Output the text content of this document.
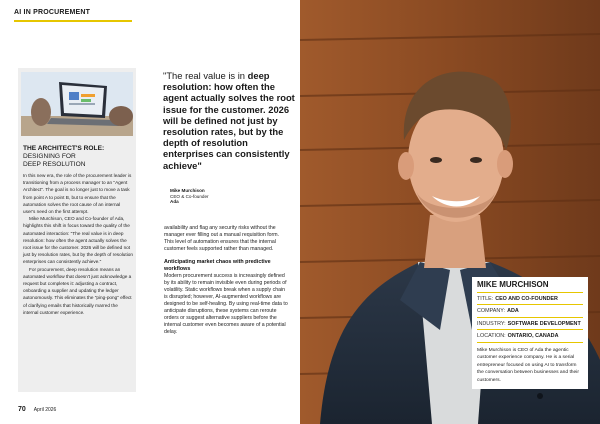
AI IN PROCUREMENT
THE ARCHITECT'S ROLE:
DESIGNING FOR
DEEP RESOLUTION

In this new era, the role of the procurement leader is transitioning from a process manager to an "Agent Architect". The goal is no longer just to move a task from point A to point B, but to ensure that the automation solves the root cause of an internal user's need on the first attempt.

Mike Murchison, CEO and Co-founder of Ada, highlights this shift in focus toward the quality of the automated interaction: "The real value is in deep resolution: how often the agent actually solves the root issue for the customer. 2026 will be defined not just by resolution rates, but by the depth of resolution enterprises can consistently achieve."

For procurement, deep resolution means an automated workflow that doesn't just acknowledge a request but completes it: adjusting a contract, onboarding a supplier and updating the ledger autonomously. This eliminates the "ping-pong" effect of clarifying emails that historically marred the internal customer experience.

"The real value is in deep resolution: how often the agent actually solves the root issue for the customer. 2026 will be defined not just by resolution rates, but by the depth of resolution enterprises can consistently achieve"
Mike Murchison
CEO & Co-founder

Ada

availability and flag any security risks without the manager ever filling out a manual requisition form. This level of automation ensures that the internal customer feels supported rather than managed.

Anticipating market chaos with predictive workflows

Modern procurement success is increasingly defined by its ability to remain invisible even during periods of volatility. Static workflows break when a supply chain is disrupted; however, AI-augmented workflows are designed to be self-healing. By using real-time data to anticipate disruptions, these systems can reroute orders or suggest alternative suppliers before the internal customer even becomes aware of a potential delay.

MIKE MURCHISON
TITLE: CEO AND CO-FOUNDER
COMPANY: ADA
INDUSTRY: SOFTWARE DEVELOPMENT
LOCATION: ONTARIO, CANADA
Mike Murchison is CEO of Ada the agentic customer experience company. He is a serial entrepreneur focused on using AI to transform the conversation between businesses and their customers.
70 April 2026
